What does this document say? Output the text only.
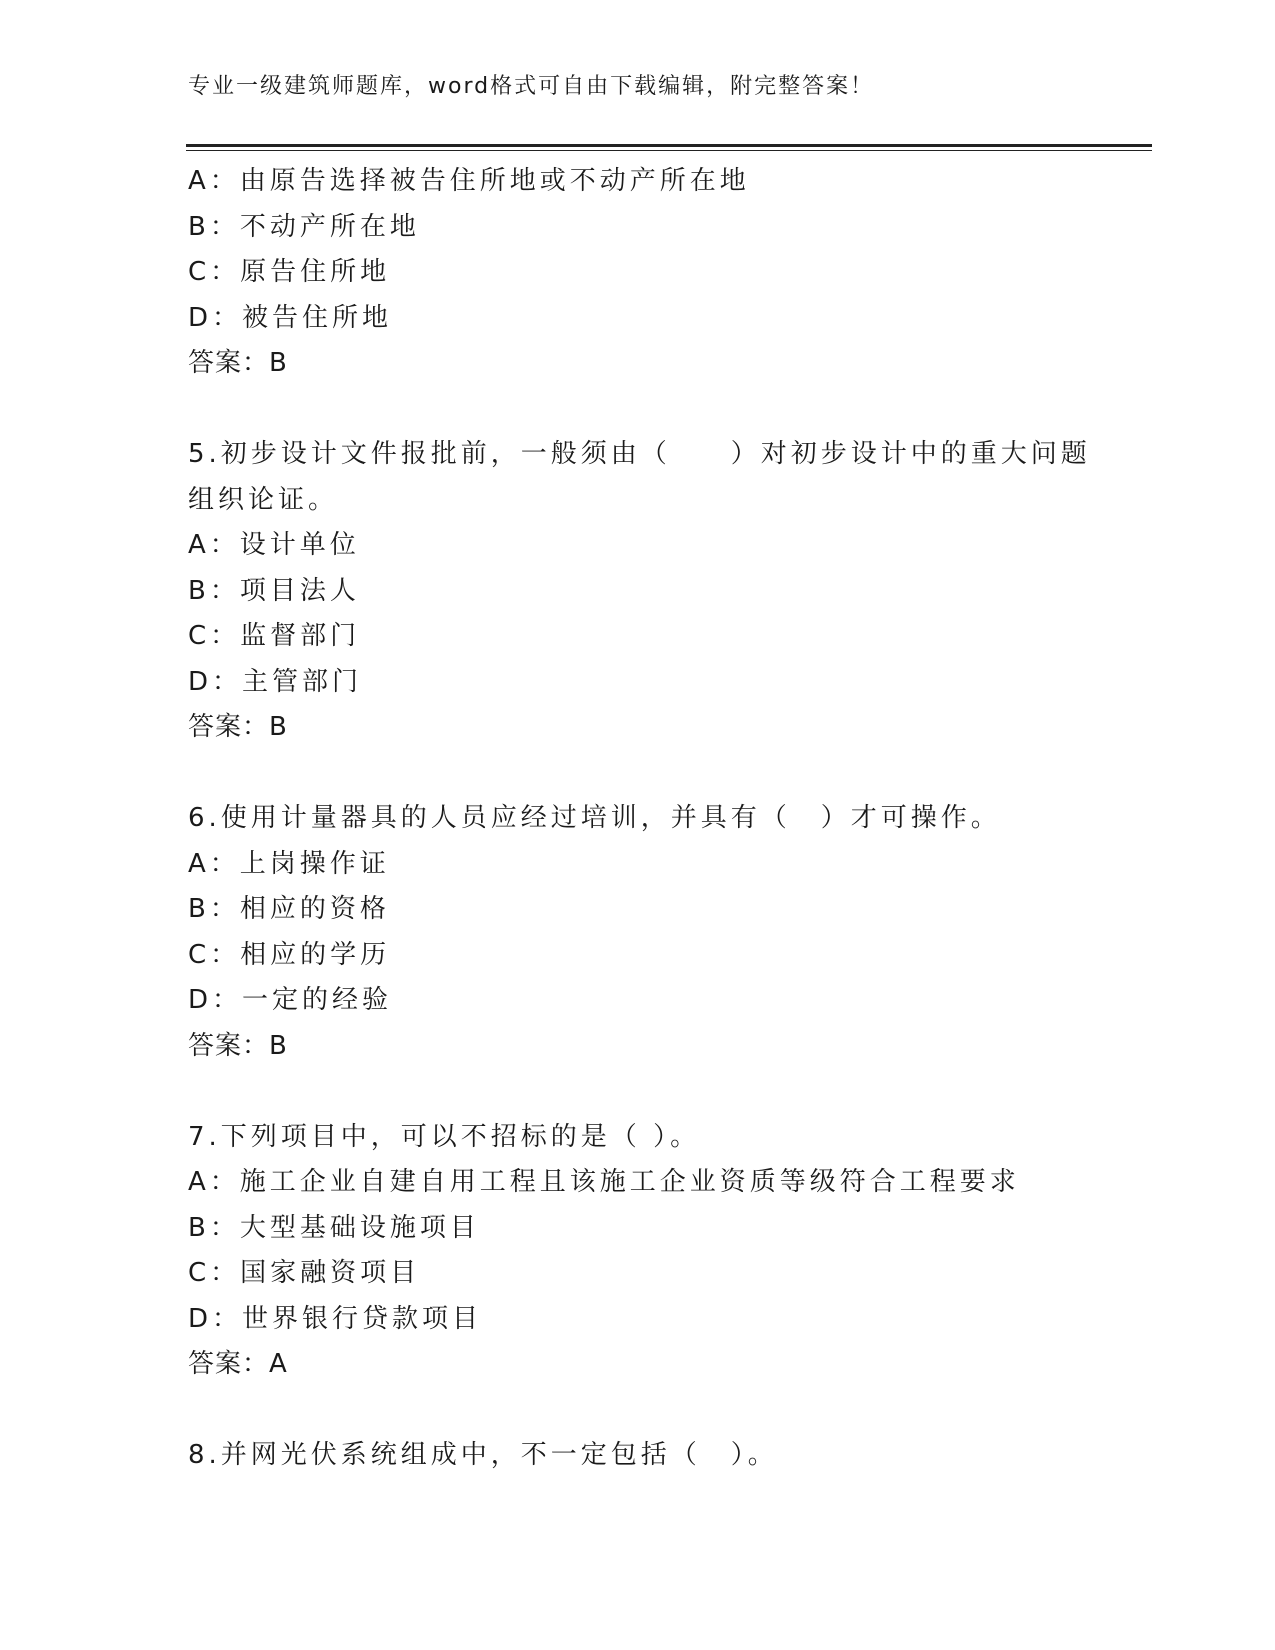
专业一级建筑师题库，word格式可自由下载编辑，附完整答案！
A：由原告选择被告住所地或不动产所在地
B：不动产所在地
C：原告住所地
D：被告住所地
答案：B
5.初步设计文件报批前，一般须由（　　）对初步设计中的重大问题
组织论证。
A：设计单位
B：项目法人
C：监督部门
D：主管部门
答案：B
6.使用计量器具的人员应经过培训，并具有（　）才可操作。
A：上岗操作证
B：相应的资格
C：相应的学历
D：一定的经验
答案：B
7.下列项目中，可以不招标的是（ ）。
A：施工企业自建自用工程且该施工企业资质等级符合工程要求
B：大型基础设施项目
C：国家融资项目
D：世界银行贷款项目
答案：A
8.并网光伏系统组成中，不一定包括（　）。
